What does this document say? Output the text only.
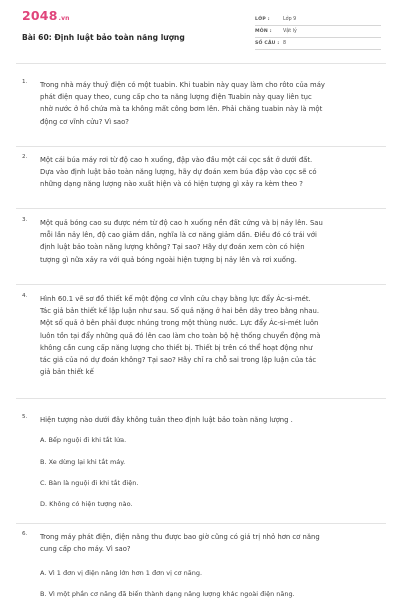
2048.vn
Bài 60: Định luật bảo toàn năng lượng
LỚP :	Lớp 9
MÔN :	Vật lý
SỐ CÂU : 8
1. Trong nhà máy thuỷ điện có một tuabin. Khi tuabin này quay làm cho rôto của máy
phát điện quay theo, cung cấp cho ta năng lượng điện Tuabin này quay liên tục
nhờ nước ở hồ chứa mà ta không mất công bơm lên. Phải chăng tuabin này là một
động cơ vĩnh cửu? Vì sao?
2. Một cái búa máy rơi từ độ cao h xuống, đập vào đầu một cái cọc sắt ở dưới đất.
Dựa vào định luật bảo toàn năng lượng, hãy dự đoán xem búa đập vào cọc sẽ có
những dạng năng lượng nào xuất hiện và có hiện tượng gì xảy ra kèm theo ?
3. Một quả bóng cao su được ném từ độ cao h xuống nền đất cứng và bị nảy lên. Sau
mỗi lần nảy lên, độ cao giảm dần, nghĩa là cơ năng giảm dần. Điều đó có trái với
định luật bảo toàn năng lượng không? Tại sao? Hãy dự đoán xem còn có hiện
tượng gì nữa xảy ra với quả bóng ngoài hiện tượng bị nảy lên và rơi xuống.
4. Hình 60.1 vẽ sơ đồ thiết kế một động cơ vĩnh cửu chạy bằng lực đẩy Ác-si-mét.
Tác giả bản thiết kế lập luận như sau. Số quả nặng ở hai bên dây treo bằng nhau.
Một số quả ở bên phải được nhúng trong một thùng nước. Lực đẩy Ác-si-mét luôn
luôn tồn tại đẩy những quả đó lên cao làm cho toàn bộ hệ thống chuyển động mà
không cần cung cấp năng lượng cho thiết bị. Thiết bị trên có thể hoạt động như
tác giả của nó dự đoán không? Tại sao? Hãy chỉ ra chỗ sai trong lập luận của tác
giả bản thiết kế
5. Hiện tượng nào dưới đây không tuân theo định luật bảo toàn năng lượng .
A. Bếp nguội đi khi tắt lửa.
B. Xe dừng lại khi tắt máy.
C. Bàn là nguội đi khi tắt điện.
D. Không có hiện tượng nào.
6. Trong máy phát điện, điện năng thu được bao giờ cũng có giá trị nhỏ hơn cơ năng
cung cấp cho máy. Vì sao?
A. Vì 1 đơn vị điện năng lớn hơn 1 đơn vị cơ năng.
B. Vì một phần cơ năng đã biến thành dạng năng lượng khác ngoài điện năng.
